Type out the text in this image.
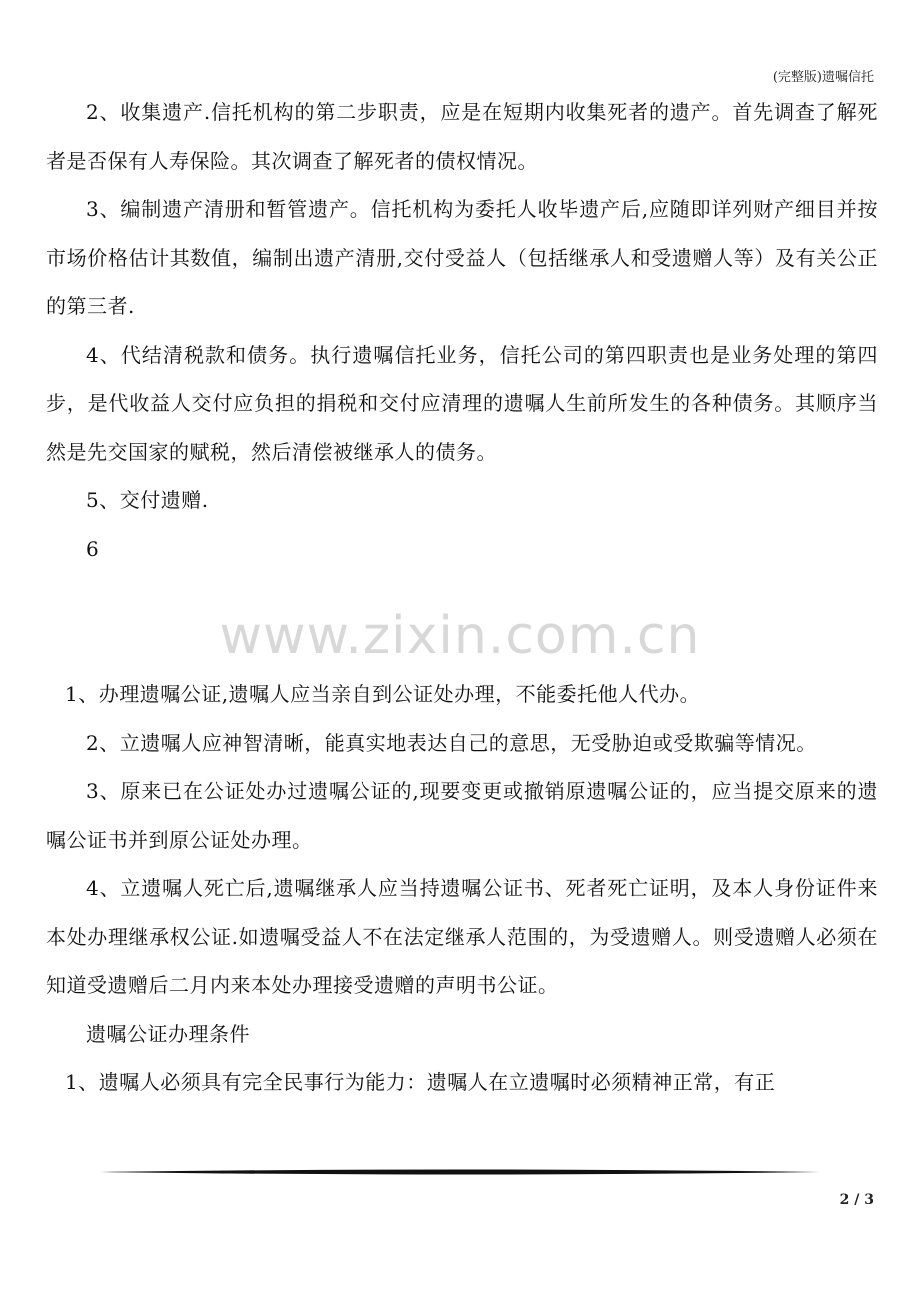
(完整版)遗嘱信托

2、收集遗产.信托机构的第二步职责，应是在短期内收集死者的遗产。首先调查了解死者是否保有人寿保险。其次调查了解死者的债权情况。

3、编制遗产清册和暂管遗产。信托机构为委托人收毕遗产后,应随即详列财产细目并按市场价格估计其数值，编制出遗产清册,交付受益人（包括继承人和受遗赠人等）及有关公正的第三者.

4、代结清税款和债务。执行遗嘱信托业务，信托公司的第四职责也是业务处理的第四步，是代收益人交付应负担的捐税和交付应清理的遗嘱人生前所发生的各种债务。其顺序当然是先交国家的赋税，然后清偿被继承人的债务。

5、交付遗赠.

6

1、办理遗嘱公证,遗嘱人应当亲自到公证处办理，不能委托他人代办。

2、立遗嘱人应神智清晰，能真实地表达自己的意思，无受胁迫或受欺骗等情况。

3、原来已在公证处办过遗嘱公证的,现要变更或撤销原遗嘱公证的，应当提交原来的遗嘱公证书并到原公证处办理。

4、立遗嘱人死亡后,遗嘱继承人应当持遗嘱公证书、死者死亡证明，及本人身份证件来本处办理继承权公证.如遗嘱受益人不在法定继承人范围的，为受遗赠人。则受遗赠人必须在知道受遗赠后二月内来本处办理接受遗赠的声明书公证。

遗嘱公证办理条件

1、遗嘱人必须具有完全民事行为能力：遗嘱人在立遗嘱时必须精神正常，有正

www.zixin.com.cn
2 / 3
